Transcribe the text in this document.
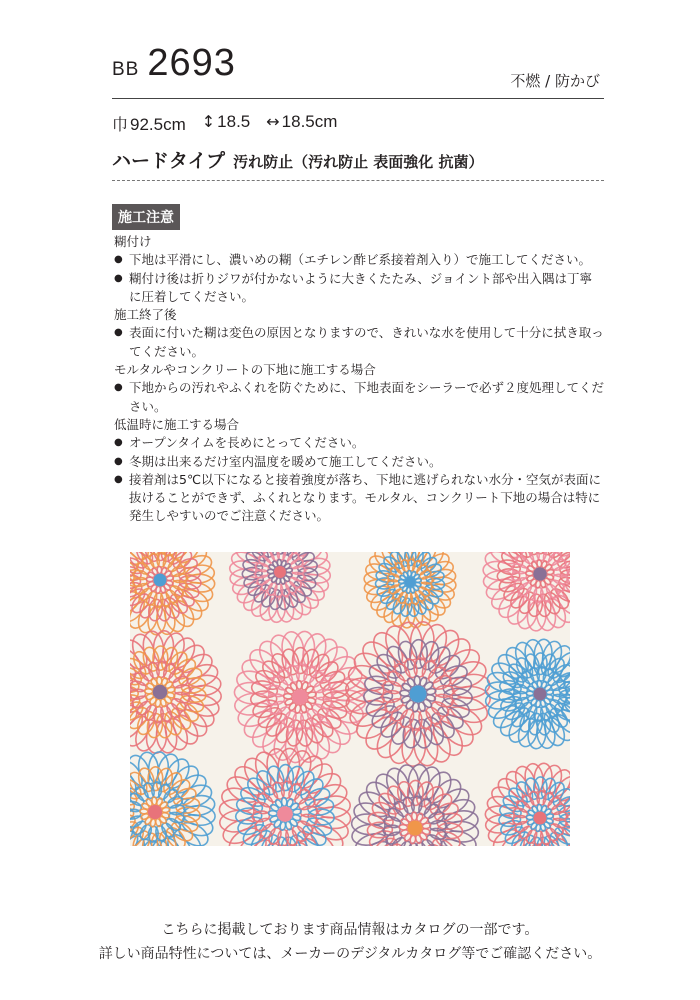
BB 2693	不燃 / 防かび
巾 92.5cm ↕ 18.5 ↔ 18.5cm
ハードタイプ 汚れ防止（汚れ防止 表面強化 抗菌）
施工注意
糊付け
● 下地は平滑にし、濃いめの糊（エチレン酢ビ系接着剤入り）で施工してください。
● 糊付け後は折りジワが付かないように大きくたたみ、ジョイント部や出入隅は丁寧に圧着してください。
施工終了後
● 表面に付いた糊は変色の原因となりますので、きれいな水を使用して十分に拭き取ってください。
モルタルやコンクリートの下地に施工する場合
● 下地からの汚れやふくれを防ぐために、下地表面をシーラーで必ず２度処理してください。
低温時に施工する場合
● オープンタイムを長めにとってください。
● 冬期は出来るだけ室内温度を暖めて施工してください。
● 接着剤は5℃以下になると接着強度が落ち、下地に逃げられない水分・空気が表面に抜けることができず、ふくれとなります。モルタル、コンクリート下地の場合は特に発生しやすいのでご注意ください。
こちらに掲載しております商品情報はカタログの一部です。
詳しい商品特性については、メーカーのデジタルカタログ等でご確認ください。
